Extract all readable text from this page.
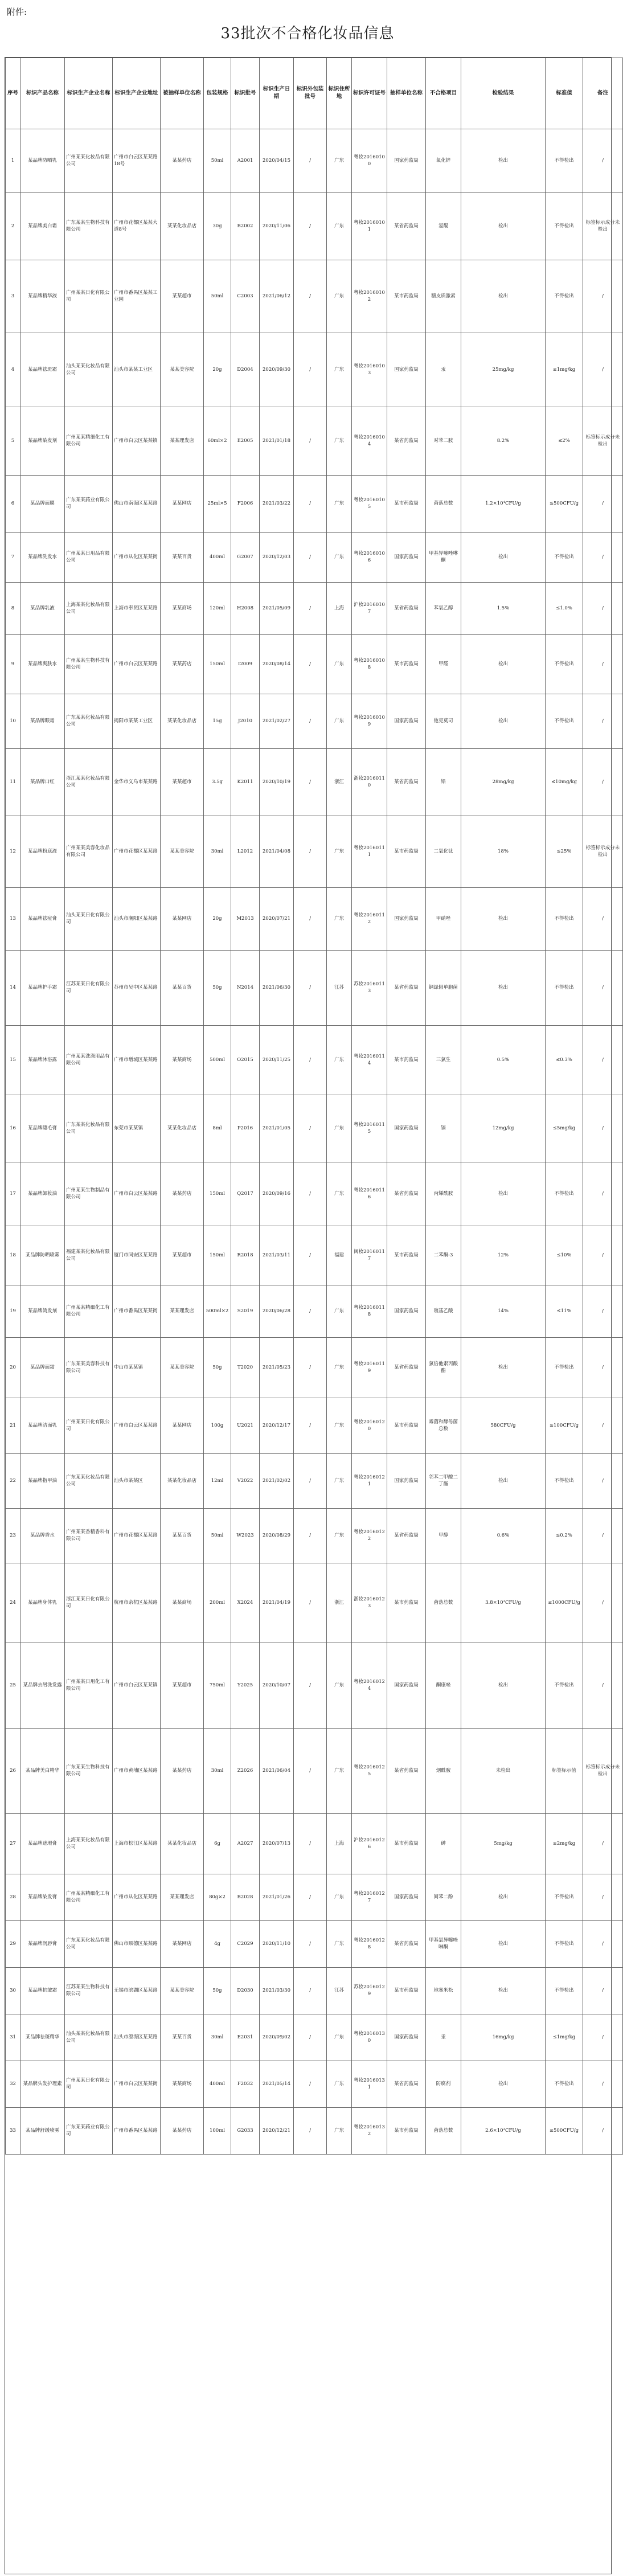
附件:
33批次不合格化妆品信息
序号	标识产品名称	标识生产企业名称	标识生产企业地址	被抽样单位名称	包装规格	标识批号	标识生产日期	标识外包装批号	标识住所地	标识许可证号	抽样单位名称	不合格项目	检验结果	标准值	备注
1	某品牌防晒乳	广州某某化妆品有限公司	广州市白云区某某路18号	某某药店	50ml	A2001	2020/04/15	/	广东	粤妆20160100	国家药监局	氧化锌	检出	不得检出	/
2	某品牌美白霜	广东某某生物科技有限公司	广州市花都区某某大道8号	某某化妆品店	30g	B2002	2020/11/06	/	广东	粤妆20160101	某省药监局	氢醌	检出	不得检出	标签标示成分未检出
3	某品牌精华液	广州某某日化有限公司	广州市番禺区某某工业园	某某超市	50ml	C2003	2021/06/12	/	广东	粤妆20160102	某市药监局	糖皮质激素	检出	不得检出	/
4	某品牌祛斑霜	汕头某某化妆品有限公司	汕头市某某工业区	某某美容院	20g	D2004	2020/09/30	/	广东	粤妆20160103	国家药监局	汞	25mg/kg	≤1mg/kg	/
5	某品牌染发剂	广州某某精细化工有限公司	广州市白云区某某镇	某某理发店	60ml×2	E2005	2021/01/18	/	广东	粤妆20160104	某省药监局	对苯二胺	8.2%	≤2%	标签标示成分未检出
6	某品牌面膜	广东某某药业有限公司	佛山市南海区某某路	某某网店	25ml×5	F2006	2021/03/22	/	广东	粤妆20160105	某市药监局	菌落总数	1.2×10⁴CFU/g	≤500CFU/g	/
7	某品牌洗发水	广州某某日用品有限公司	广州市从化区某某街	某某百货	400ml	G2007	2020/12/03	/	广东	粤妆20160106	国家药监局	甲基异噻唑啉酮	检出	不得检出	/
8	某品牌乳液	上海某某化妆品有限公司	上海市奉贤区某某路	某某商场	120ml	H2008	2021/05/09	/	上海	沪妆20160107	某省药监局	苯氧乙醇	1.5%	≤1.0%	/
9	某品牌爽肤水	广州某某生物科技有限公司	广州市白云区某某路	某某药店	150ml	I2009	2020/08/14	/	广东	粤妆20160108	某市药监局	甲醛	检出	不得检出	/
10	某品牌眼霜	广东某某化妆品有限公司	揭阳市某某工业区	某某化妆品店	15g	J2010	2021/02/27	/	广东	粤妆20160109	国家药监局	他克莫司	检出	不得检出	/
11	某品牌口红	浙江某某化妆品有限公司	金华市义乌市某某路	某某超市	3.5g	K2011	2020/10/19	/	浙江	浙妆20160110	某省药监局	铅	28mg/kg	≤10mg/kg	/
12	某品牌粉底液	广州某某美容化妆品有限公司	广州市花都区某某路	某某美容院	30ml	L2012	2021/04/08	/	广东	粤妆20160111	某市药监局	二氧化钛	18%	≤25%	标签标示成分未检出
13	某品牌祛痘膏	汕头某某日化有限公司	汕头市潮阳区某某路	某某网店	20g	M2013	2020/07/21	/	广东	粤妆20160112	国家药监局	甲硝唑	检出	不得检出	/
14	某品牌护手霜	江苏某某日化有限公司	苏州市吴中区某某路	某某百货	50g	N2014	2021/06/30	/	江苏	苏妆20160113	某省药监局	铜绿假单胞菌	检出	不得检出	/
15	某品牌沐浴露	广州某某洗涤用品有限公司	广州市增城区某某路	某某商场	500ml	O2015	2020/11/25	/	广东	粤妆20160114	某市药监局	三氯生	0.5%	≤0.3%	/
16	某品牌睫毛膏	广东某某化妆品有限公司	东莞市某某镇	某某化妆品店	8ml	P2016	2021/01/05	/	广东	粤妆20160115	国家药监局	镉	12mg/kg	≤5mg/kg	/
17	某品牌卸妆油	广州某某生物制品有限公司	广州市白云区某某路	某某药店	150ml	Q2017	2020/09/16	/	广东	粤妆20160116	某省药监局	丙烯酰胺	检出	不得检出	/
18	某品牌防晒喷雾	福建某某化妆品有限公司	厦门市同安区某某路	某某超市	150ml	R2018	2021/03/11	/	福建	闽妆20160117	某市药监局	二苯酮-3	12%	≤10%	/
19	某品牌烫发剂	广州某某精细化工有限公司	广州市番禺区某某街	某某理发店	500ml×2	S2019	2020/06/28	/	广东	粤妆20160118	国家药监局	巯基乙酸	14%	≤11%	/
20	某品牌面霜	广东某某美容科技有限公司	中山市某某镇	某某美容院	50g	T2020	2021/05/23	/	广东	粤妆20160119	某省药监局	氯倍他索丙酸酯	检出	不得检出	/
21	某品牌洁面乳	广州某某日化有限公司	广州市白云区某某路	某某网店	100g	U2021	2020/12/17	/	广东	粤妆20160120	某市药监局	霉菌和酵母菌总数	580CFU/g	≤100CFU/g	/
22	某品牌指甲油	广东某某化妆品有限公司	汕头市某某区	某某化妆品店	12ml	V2022	2021/02/02	/	广东	粤妆20160121	国家药监局	邻苯二甲酸二丁酯	检出	不得检出	/
23	某品牌香水	广州某某香精香料有限公司	广州市花都区某某路	某某百货	50ml	W2023	2020/08/29	/	广东	粤妆20160122	某省药监局	甲醇	0.6%	≤0.2%	/
24	某品牌身体乳	浙江某某日化有限公司	杭州市余杭区某某路	某某商场	200ml	X2024	2021/04/19	/	浙江	浙妆20160123	某市药监局	菌落总数	3.8×10³CFU/g	≤1000CFU/g	/
25	某品牌去屑洗发露	广州某某日用化工有限公司	广州市白云区某某镇	某某超市	750ml	Y2025	2020/10/07	/	广东	粤妆20160124	国家药监局	酮康唑	检出	不得检出	/
26	某品牌美白精华	广东某某生物科技有限公司	广州市黄埔区某某路	某某药店	30ml	Z2026	2021/06/04	/	广东	粤妆20160125	某省药监局	烟酰胺	未检出	标签标示值	标签标示成分未检出
27	某品牌遮瑕膏	上海某某化妆品有限公司	上海市松江区某某路	某某化妆品店	6g	A2027	2020/07/13	/	上海	沪妆20160126	某市药监局	砷	5mg/kg	≤2mg/kg	/
28	某品牌染发膏	广州某某精细化工有限公司	广州市从化区某某路	某某理发店	80g×2	B2028	2021/01/26	/	广东	粤妆20160127	国家药监局	间苯二酚	检出	不得检出	/
29	某品牌润唇膏	广东某某化妆品有限公司	佛山市顺德区某某路	某某网店	4g	C2029	2020/11/10	/	广东	粤妆20160128	某省药监局	甲基氯异噻唑啉酮	检出	不得检出	/
30	某品牌抗皱霜	江苏某某生物科技有限公司	无锡市滨湖区某某路	某某美容院	50g	D2030	2021/03/30	/	江苏	苏妆20160129	某市药监局	地塞米松	检出	不得检出	/
31	某品牌祛斑精华	汕头某某化妆品有限公司	汕头市澄海区某某路	某某百货	30ml	E2031	2020/09/02	/	广东	粤妆20160130	国家药监局	汞	16mg/kg	≤1mg/kg	/
32	某品牌头发护理素	广州某某日化有限公司	广州市白云区某某街	某某商场	400ml	F2032	2021/05/14	/	广东	粤妆20160131	某省药监局	防腐剂	检出	不得检出	/
33	某品牌舒缓喷雾	广东某某药业有限公司	广州市番禺区某某路	某某药店	100ml	G2033	2020/12/21	/	广东	粤妆20160132	某市药监局	菌落总数	2.6×10³CFU/g	≤500CFU/g	/
